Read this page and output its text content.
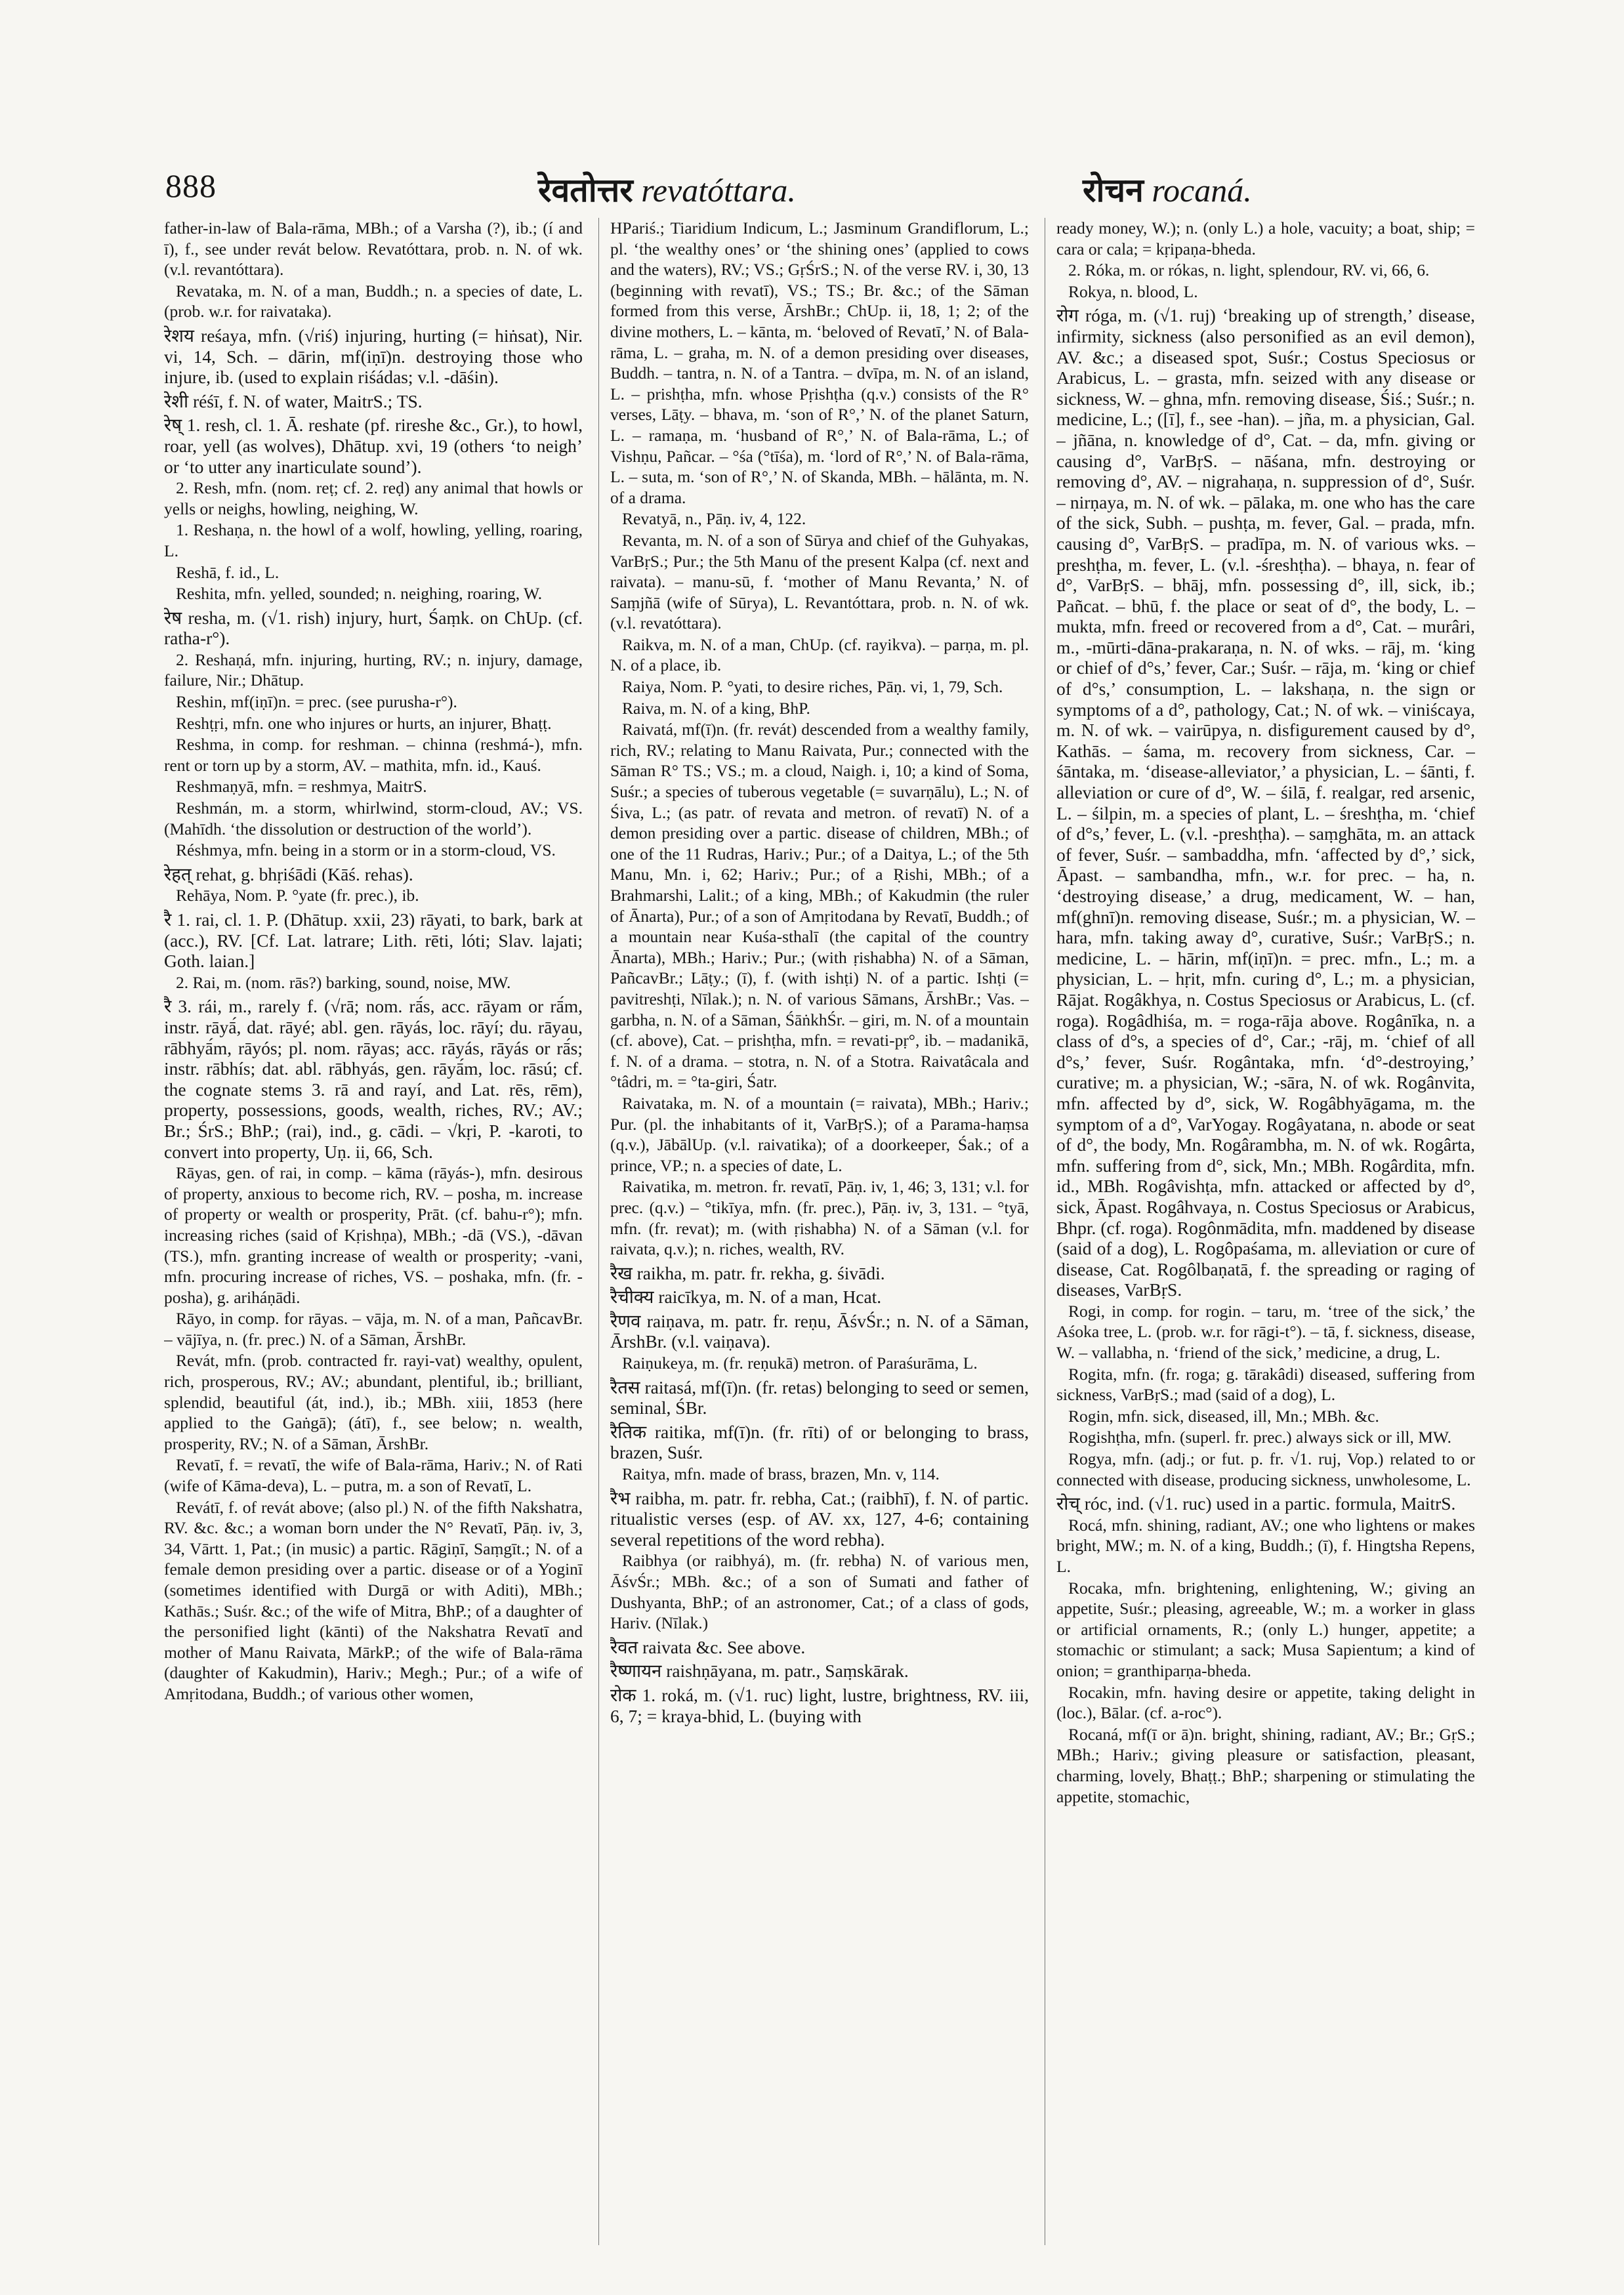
888	रेवतोत्तर revatóttara.	रोचन rocaná.

father-in-law of Bala-rāma, MBh.; of a Varsha (?), ib.; (í and ī), f., see under revát below. Revatóttara, prob. n. N. of wk. (v.l. revantóttara).

Revataka, m. N. of a man, Buddh.; n. a species of date, L. (prob. w.r. for raivataka).

रेशय reśaya, mfn. (√riś) injuring, hurting (= hiṅsat), Nir. vi, 14, Sch. – dārin, mf(iṇī)n. destroying those who injure, ib. (used to explain riśádas; v.l. -dāśin).

रेशी réśī, f. N. of water, MaitrS.; TS.

रेष् 1. resh, cl. 1. Ā. reshate (pf. rireshe &c., Gr.), to howl, roar, yell (as wolves), Dhātup. xvi, 19 (others ‘to neigh’ or ‘to utter any inarticulate sound’).

2. Resh, mfn. (nom. reṭ; cf. 2. reḍ) any animal that howls or yells or neighs, howling, neighing, W.

1. Reshaṇa, n. the howl of a wolf, howling, yelling, roaring, L.

Reshā, f. id., L.

Reshita, mfn. yelled, sounded; n. neighing, roaring, W.

रेष resha, m. (√1. rish) injury, hurt, Śaṃk. on ChUp. (cf. ratha-r°).

2. Reshaṇá, mfn. injuring, hurting, RV.; n. injury, damage, failure, Nir.; Dhātup.

Reshin, mf(iṇī)n. = prec. (see purusha-r°).

Reshṭṛi, mfn. one who injures or hurts, an injurer, Bhaṭṭ.

Reshma, in comp. for reshman. – chinna (reshmá-), mfn. rent or torn up by a storm, AV. – mathita, mfn. id., Kauś.

Reshmaṇyā, mfn. = reshmya, MaitrS.

Reshmán, m. a storm, whirlwind, storm-cloud, AV.; VS. (Mahīdh. ‘the dissolution or destruction of the world’).

Réshmya, mfn. being in a storm or in a storm-cloud, VS.

रेहत् rehat, g. bhṛiśādi (Kāś. rehas).

Rehāya, Nom. P. °yate (fr. prec.), ib.

रै 1. rai, cl. 1. P. (Dhātup. xxii, 23) rāyati, to bark, bark at (acc.), RV. [Cf. Lat. latrare; Lith. rēti, lóti; Slav. lajati; Goth. laian.]

2. Rai, m. (nom. rās?) barking, sound, noise, MW.

रै 3. rái, m., rarely f. (√rā; nom. rā́s, acc. rāyam or rā́m, instr. rāyā́, dat. rāyé; abl. gen. rāyás, loc. rāyí; du. rāyau, rābhyā́m, rāyós; pl. nom. rāyas; acc. rāyás, rāyás or rā́s; instr. rābhís; dat. abl. rābhyás, gen. rāyā́m, loc. rāsú; cf. the cognate stems 3. rā and rayí, and Lat. rēs, rēm), property, possessions, goods, wealth, riches, RV.; AV.; Br.; ŚrS.; BhP.; (rai), ind., g. cādi. – √kṛi, P. -karoti, to convert into property, Uṇ. ii, 66, Sch.

Rāyas, gen. of rai, in comp. – kāma (rāyás-), mfn. desirous of property, anxious to become rich, RV. – posha, m. increase of property or wealth or prosperity, Prāt. (cf. bahu-r°); mfn. increasing riches (said of Kṛishṇa), MBh.; -dā (VS.), -dāvan (TS.), mfn. granting increase of wealth or prosperity; -vani, mfn. procuring increase of riches, VS. – poshaka, mfn. (fr. -posha), g. ariháṇādi.

Rāyo, in comp. for rāyas. – vāja, m. N. of a man, PañcavBr. – vājīya, n. (fr. prec.) N. of a Sāman, ĀrshBr.

Revát, mfn. (prob. contracted fr. rayi-vat) wealthy, opulent, rich, prosperous, RV.; AV.; abundant, plentiful, ib.; brilliant, splendid, beautiful (át, ind.), ib.; MBh. xiii, 1853 (here applied to the Gaṅgā); (átī), f., see below; n. wealth, prosperity, RV.; N. of a Sāman, ĀrshBr.

Revatī, f. = revatī, the wife of Bala-rāma, Hariv.; N. of Rati (wife of Kāma-deva), L. – putra, m. a son of Revatī, L.

Revátī, f. of revát above; (also pl.) N. of the fifth Nakshatra, RV. &c. &c.; a woman born under the N° Revatī, Pāṇ. iv, 3, 34, Vārtt. 1, Pat.; (in music) a partic. Rāgiṇī, Saṃgīt.; N. of a female demon presiding over a partic. disease or of a Yoginī (sometimes identified with Durgā or with Aditi), MBh.; Kathās.; Suśr. &c.; of the wife of Mitra, BhP.; of a daughter of the personified light (kānti) of the Nakshatra Revatī and mother of Manu Raivata, MārkP.; of the wife of Bala-rāma (daughter of Kakudmin), Hariv.; Megh.; Pur.; of a wife of Amṛitodana, Buddh.; of various other women,

HPariś.; Tiaridium Indicum, L.; Jasminum Grandiflorum, L.; pl. ‘the wealthy ones’ or ‘the shining ones’ (applied to cows and the waters), RV.; VS.; GṛŚrS.; N. of the verse RV. i, 30, 13 (beginning with revatī), VS.; TS.; Br. &c.; of the Sāman formed from this verse, ĀrshBr.; ChUp. ii, 18, 1; 2; of the divine mothers, L. – kānta, m. ‘beloved of Revatī,’ N. of Bala-rāma, L. – graha, m. N. of a demon presiding over diseases, Buddh. – tantra, n. N. of a Tantra. – dvīpa, m. N. of an island, L. – prishṭha, mfn. whose Pṛishṭha (q.v.) consists of the R° verses, Lāṭy. – bhava, m. ‘son of R°,’ N. of the planet Saturn, L. – ramaṇa, m. ‘husband of R°,’ N. of Bala-rāma, L.; of Vishṇu, Pañcar. – °śa (°tīśa), m. ‘lord of R°,’ N. of Bala-rāma, L. – suta, m. ‘son of R°,’ N. of Skanda, MBh. – hālānta, m. N. of a drama.

Revatyā, n., Pāṇ. iv, 4, 122.

Revanta, m. N. of a son of Sūrya and chief of the Guhyakas, VarBṛS.; Pur.; the 5th Manu of the present Kalpa (cf. next and raivata). – manu-sū, f. ‘mother of Manu Revanta,’ N. of Saṃjñā (wife of Sūrya), L. Revantóttara, prob. n. N. of wk. (v.l. revatóttara).

Raikva, m. N. of a man, ChUp. (cf. rayikva). – parṇa, m. pl. N. of a place, ib.

Raiya, Nom. P. °yati, to desire riches, Pāṇ. vi, 1, 79, Sch.

Raiva, m. N. of a king, BhP.

Raivatá, mf(ī)n. (fr. revát) descended from a wealthy family, rich, RV.; relating to Manu Raivata, Pur.; connected with the Sāman R° TS.; VS.; m. a cloud, Naigh. i, 10; a kind of Soma, Suśr.; a species of tuberous vegetable (= suvarṇālu), L.; N. of Śiva, L.; (as patr. of revata and metron. of revatī) N. of a demon presiding over a partic. disease of children, MBh.; of one of the 11 Rudras, Hariv.; Pur.; of a Daitya, L.; of the 5th Manu, Mn. i, 62; Hariv.; Pur.; of a Ṛishi, MBh.; of a Brahmarshi, Lalit.; of a king, MBh.; of Kakudmin (the ruler of Ānarta), Pur.; of a son of Amṛitodana by Revatī, Buddh.; of a mountain near Kuśa-sthalī (the capital of the country Ānarta), MBh.; Hariv.; Pur.; (with ṛishabha) N. of a Sāman, PañcavBr.; Lāṭy.; (ī), f. (with ishṭi) N. of a partic. Ishṭi (= pavitreshṭi, Nīlak.); n. N. of various Sāmans, ĀrshBr.; Vas. – garbha, n. N. of a Sāman, ŚāṅkhŚr. – giri, m. N. of a mountain (cf. above), Cat. – prishṭha, mfn. = revati-pṛ°, ib. – madanikā, f. N. of a drama. – stotra, n. N. of a Stotra. Raivatâcala and °tâdri, m. = °ta-giri, Śatr.

Raivataka, m. N. of a mountain (= raivata), MBh.; Hariv.; Pur. (pl. the inhabitants of it, VarBṛS.); of a Parama-haṃsa (q.v.), JābālUp. (v.l. raivatika); of a doorkeeper, Śak.; of a prince, VP.; n. a species of date, L.

Raivatika, m. metron. fr. revatī, Pāṇ. iv, 1, 46; 3, 131; v.l. for prec. (q.v.) – °tikīya, mfn. (fr. prec.), Pāṇ. iv, 3, 131. – °tyā, mfn. (fr. revat); m. (with ṛishabha) N. of a Sāman (v.l. for raivata, q.v.); n. riches, wealth, RV.

रैख raikha, m. patr. fr. rekha, g. śivādi.

रैचीक्य raicīkya, m. N. of a man, Hcat.

रैणव raiṇava, m. patr. fr. reṇu, ĀśvŚr.; n. N. of a Sāman, ĀrshBr. (v.l. vaiṇava).

Raiṇukeya, m. (fr. reṇukā) metron. of Paraśurāma, L.

रैतस raitasá, mf(ī)n. (fr. retas) belonging to seed or semen, seminal, ŚBr.

रैतिक raitika, mf(ī)n. (fr. rīti) of or belonging to brass, brazen, Suśr.

Raitya, mfn. made of brass, brazen, Mn. v, 114.

रैभ raibha, m. patr. fr. rebha, Cat.; (raibhī), f. N. of partic. ritualistic verses (esp. of AV. xx, 127, 4-6; containing several repetitions of the word rebha).

Raibhya (or raibhyá), m. (fr. rebha) N. of various men, ĀśvŚr.; MBh. &c.; of a son of Sumati and father of Dushyanta, BhP.; of an astronomer, Cat.; of a class of gods, Hariv. (Nīlak.)

रैवत raivata &c. See above.

रैष्णायन raishṇāyana, m. patr., Saṃskārak.

रोक 1. roká, m. (√1. ruc) light, lustre, brightness, RV. iii, 6, 7; = kraya-bhid, L. (buying with

ready money, W.); n. (only L.) a hole, vacuity; a boat, ship; = cara or cala; = kṛipaṇa-bheda.

2. Róka, m. or rókas, n. light, splendour, RV. vi, 66, 6.

Rokya, n. blood, L.

रोग róga, m. (√1. ruj) ‘breaking up of strength,’ disease, infirmity, sickness (also personified as an evil demon), AV. &c.; a diseased spot, Suśr.; Costus Speciosus or Arabicus, L. – grasta, mfn. seized with any disease or sickness, W. – ghna, mfn. removing disease, Śiś.; Suśr.; n. medicine, L.; ([ī], f., see -han). – jña, m. a physician, Gal. – jñāna, n. knowledge of d°, Cat. – da, mfn. giving or causing d°, VarBṛS. – nāśana, mfn. destroying or removing d°, AV. – nigrahaṇa, n. suppression of d°, Suśr. – nirṇaya, m. N. of wk. – pālaka, m. one who has the care of the sick, Subh. – pushṭa, m. fever, Gal. – prada, mfn. causing d°, VarBṛS. – pradīpa, m. N. of various wks. – preshṭha, m. fever, L. (v.l. -śreshṭha). – bhaya, n. fear of d°, VarBṛS. – bhāj, mfn. possessing d°, ill, sick, ib.; Pañcat. – bhū, f. the place or seat of d°, the body, L. – mukta, mfn. freed or recovered from a d°, Cat. – murâri, m., -mūrti-dāna-prakaraṇa, n. N. of wks. – rāj, m. ‘king or chief of d°s,’ fever, Car.; Suśr. – rāja, m. ‘king or chief of d°s,’ consumption, L. – lakshaṇa, n. the sign or symptoms of a d°, pathology, Cat.; N. of wk. – viniścaya, m. N. of wk. – vairūpya, n. disfigurement caused by d°, Kathās. – śama, m. recovery from sickness, Car. – śāntaka, m. ‘disease-alleviator,’ a physician, L. – śānti, f. alleviation or cure of d°, W. – śilā, f. realgar, red arsenic, L. – śilpin, m. a species of plant, L. – śreshṭha, m. ‘chief of d°s,’ fever, L. (v.l. -preshṭha). – saṃghāta, m. an attack of fever, Suśr. – sambaddha, mfn. ‘affected by d°,’ sick, Āpast. – sambandha, mfn., w.r. for prec. – ha, n. ‘destroying disease,’ a drug, medicament, W. – han, mf(ghnī)n. removing disease, Suśr.; m. a physician, W. – hara, mfn. taking away d°, curative, Suśr.; VarBṛS.; n. medicine, L. – hārin, mf(iṇī)n. = prec. mfn., L.; m. a physician, L. – hṛit, mfn. curing d°, L.; m. a physician, Rājat. Rogâkhya, n. Costus Speciosus or Arabicus, L. (cf. roga). Rogâdhiśa, m. = roga-rāja above. Rogânīka, n. a class of d°s, a species of d°, Car.; -rāj, m. ‘chief of all d°s,’ fever, Suśr. Rogântaka, mfn. ‘d°-destroying,’ curative; m. a physician, W.; -sāra, N. of wk. Rogânvita, mfn. affected by d°, sick, W. Rogâbhyāgama, m. the symptom of a d°, VarYogay. Rogâyatana, n. abode or seat of d°, the body, Mn. Rogârambha, m. N. of wk. Rogârta, mfn. suffering from d°, sick, Mn.; MBh. Rogârdita, mfn. id., MBh. Rogâvishṭa, mfn. attacked or affected by d°, sick, Āpast. Rogâhvaya, n. Costus Speciosus or Arabicus, Bhpr. (cf. roga). Rogônmādita, mfn. maddened by disease (said of a dog), L. Rogôpaśama, m. alleviation or cure of disease, Cat. Rogôlbaṇatā, f. the spreading or raging of diseases, VarBṛS.

Rogi, in comp. for rogin. – taru, m. ‘tree of the sick,’ the Aśoka tree, L. (prob. w.r. for rāgi-t°). – tā, f. sickness, disease, W. – vallabha, n. ‘friend of the sick,’ medicine, a drug, L.

Rogita, mfn. (fr. roga; g. tārakâdi) diseased, suffering from sickness, VarBṛS.; mad (said of a dog), L.

Rogin, mfn. sick, diseased, ill, Mn.; MBh. &c.

Rogishṭha, mfn. (superl. fr. prec.) always sick or ill, MW.

Rogya, mfn. (adj.; or fut. p. fr. √1. ruj, Vop.) related to or connected with disease, producing sickness, unwholesome, L.

रोच् róc, ind. (√1. ruc) used in a partic. formula, MaitrS.

Rocá, mfn. shining, radiant, AV.; one who lightens or makes bright, MW.; m. N. of a king, Buddh.; (ī), f. Hingtsha Repens, L.

Rocaka, mfn. brightening, enlightening, W.; giving an appetite, Suśr.; pleasing, agreeable, W.; m. a worker in glass or artificial ornaments, R.; (only L.) hunger, appetite; a stomachic or stimulant; a sack; Musa Sapientum; a kind of onion; = granthiparṇa-bheda.

Rocakin, mfn. having desire or appetite, taking delight in (loc.), Bālar. (cf. a-roc°).

Rocaná, mf(ī or ā)n. bright, shining, radiant, AV.; Br.; GṛS.; MBh.; Hariv.; giving pleasure or satisfaction, pleasant, charming, lovely, Bhaṭṭ.; BhP.; sharpening or stimulating the appetite, stomachic,
